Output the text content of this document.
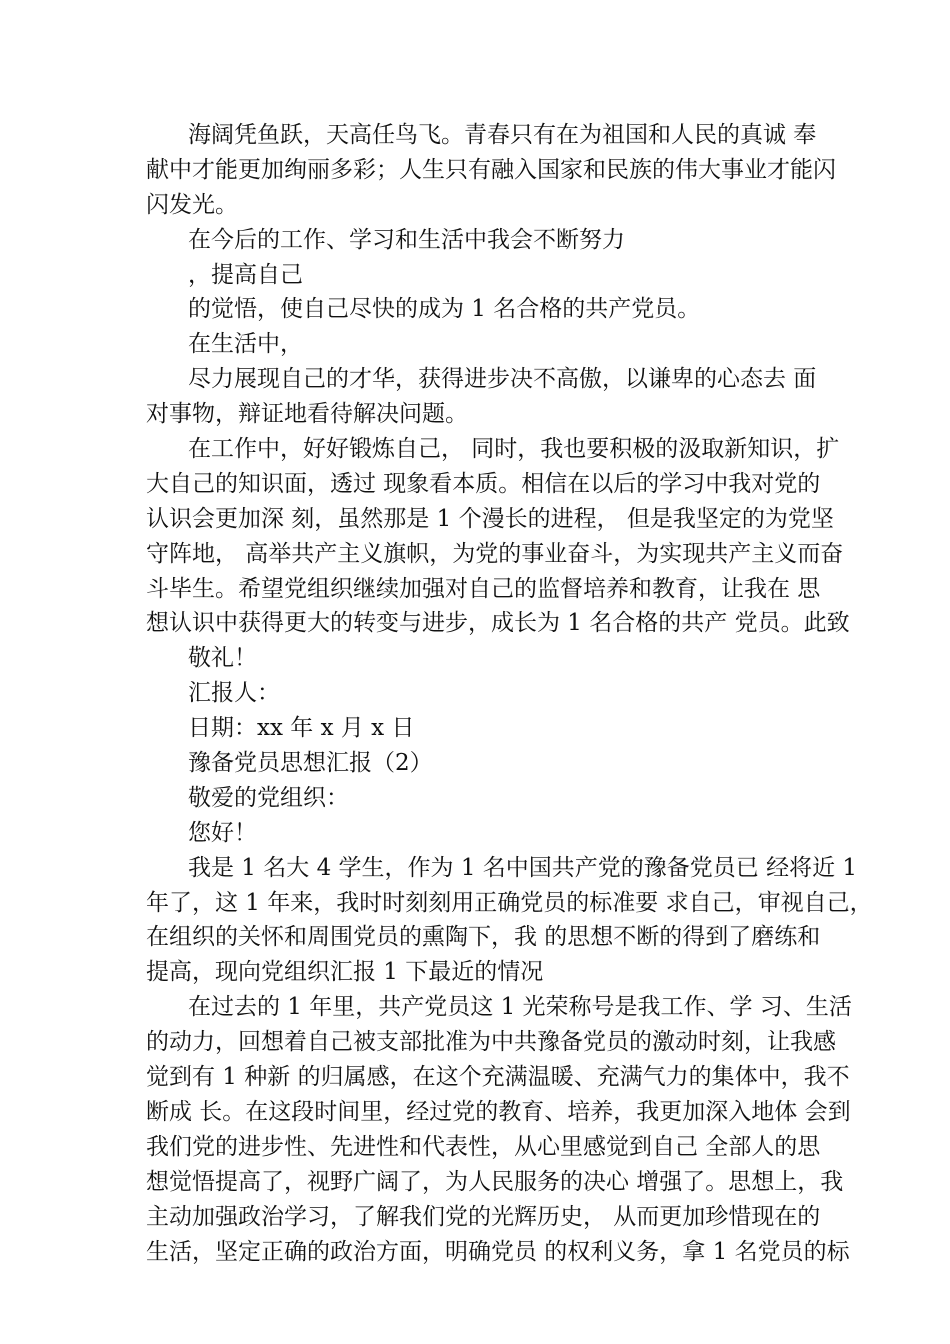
海阔凭鱼跃，天高任鸟飞。青春只有在为祖国和人民的真诚 奉

献中才能更加绚丽多彩；人生只有融入国家和民族的伟大事业才能闪

闪发光。

在今后的工作、学习和生活中我会不断努力

，提高自己

的觉悟，使自己尽快的成为 1 名合格的共产党员。

在生活中，

尽力展现自己的才华，获得进步决不高傲，以谦卑的心态去 面

对事物，辩证地看待解决问题。

在工作中，好好锻炼自己， 同时，我也要积极的汲取新知识，扩

大自己的知识面，透过 现象看本质。相信在以后的学习中我对党的

认识会更加深 刻，虽然那是 1 个漫长的进程， 但是我坚定的为党坚

守阵地， 高举共产主义旗帜，为党的事业奋斗，为实现共产主义而奋

斗毕生。希望党组织继续加强对自己的监督培养和教育，让我在 思

想认识中获得更大的转变与进步，成长为 1 名合格的共产 党员。此致

敬礼！

汇报人：

日期：xx 年 x 月 x 日

豫备党员思想汇报（2）

敬爱的党组织：

您好！

我是 1 名大 4 学生，作为 1 名中国共产党的豫备党员已 经将近 1

年了，这 1 年来，我时时刻刻用正确党员的标准要 求自己，审视自己，

在组织的关怀和周围党员的熏陶下，我 的思想不断的得到了磨练和

提高，现向党组织汇报 1 下最近的情况

在过去的 1 年里，共产党员这 1 光荣称号是我工作、学 习、生活

的动力，回想着自己被支部批准为中共豫备党员的激动时刻，让我感

觉到有 1 种新 的归属感，在这个充满温暖、充满气力的集体中，我不

断成 长。在这段时间里，经过党的教育、培养，我更加深入地体 会到

我们党的进步性、先进性和代表性，从心里感觉到自己 全部人的思

想觉悟提高了，视野广阔了，为人民服务的决心 增强了。思想上，我

主动加强政治学习，了解我们党的光辉历史， 从而更加珍惜现在的

生活，坚定正确的政治方面，明确党员 的权利义务，拿 1 名党员的标
